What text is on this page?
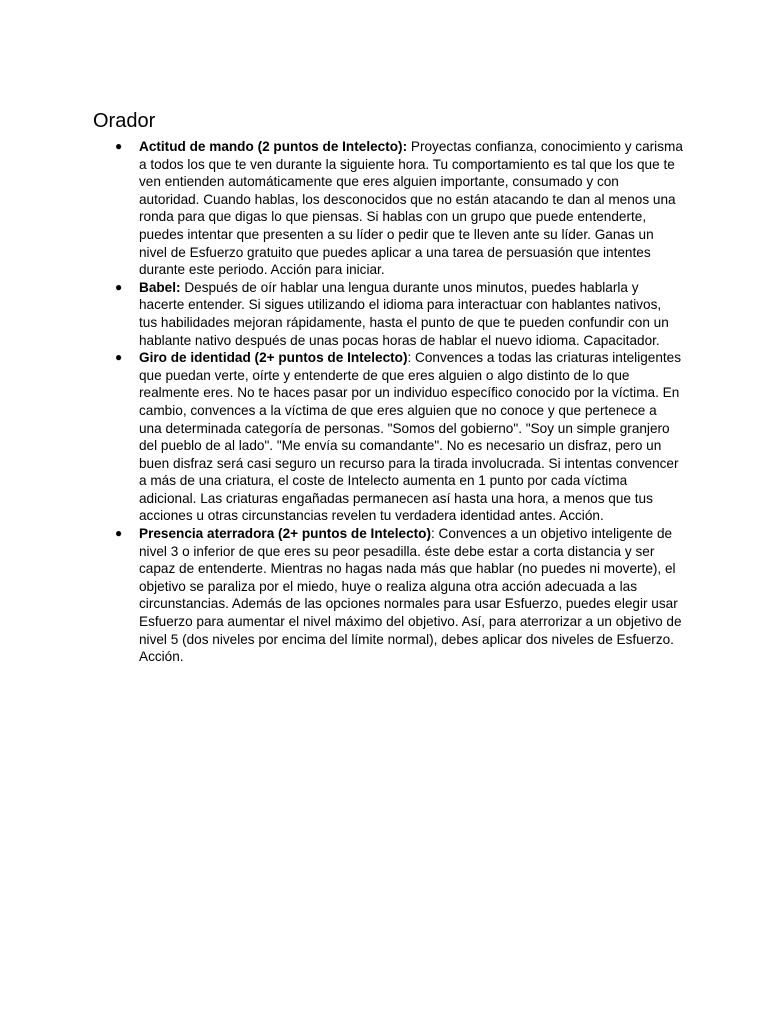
Orador
● Actitud de mando (2 puntos de Intelecto): Proyectas confianza, conocimiento y carisma a todos los que te ven durante la siguiente hora. Tu comportamiento es tal que los que te ven entienden automáticamente que eres alguien importante, consumado y con autoridad. Cuando hablas, los desconocidos que no están atacando te dan al menos una ronda para que digas lo que piensas. Si hablas con un grupo que puede entenderte, puedes intentar que presenten a su líder o pedir que te lleven ante su líder. Ganas un nivel de Esfuerzo gratuito que puedes aplicar a una tarea de persuasión que intentes durante este periodo. Acción para iniciar.
● Babel: Después de oír hablar una lengua durante unos minutos, puedes hablarla y hacerte entender. Si sigues utilizando el idioma para interactuar con hablantes nativos, tus habilidades mejoran rápidamente, hasta el punto de que te pueden confundir con un hablante nativo después de unas pocas horas de hablar el nuevo idioma. Capacitador.
● Giro de identidad (2+ puntos de Intelecto): Convences a todas las criaturas inteligentes que puedan verte, oírte y entenderte de que eres alguien o algo distinto de lo que realmente eres. No te haces pasar por un individuo específico conocido por la víctima. En cambio, convences a la víctima de que eres alguien que no conoce y que pertenece a una determinada categoría de personas. "Somos del gobierno". "Soy un simple granjero del pueblo de al lado". "Me envía su comandante". No es necesario un disfraz, pero un buen disfraz será casi seguro un recurso para la tirada involucrada. Si intentas convencer a más de una criatura, el coste de Intelecto aumenta en 1 punto por cada víctima adicional. Las criaturas engañadas permanecen así hasta una hora, a menos que tus acciones u otras circunstancias revelen tu verdadera identidad antes. Acción.
● Presencia aterradora (2+ puntos de Intelecto): Convences a un objetivo inteligente de nivel 3 o inferior de que eres su peor pesadilla. éste debe estar a corta distancia y ser capaz de entenderte. Mientras no hagas nada más que hablar (no puedes ni moverte), el objetivo se paraliza por el miedo, huye o realiza alguna otra acción adecuada a las circunstancias. Además de las opciones normales para usar Esfuerzo, puedes elegir usar Esfuerzo para aumentar el nivel máximo del objetivo. Así, para aterrorizar a un objetivo de nivel 5 (dos niveles por encima del límite normal), debes aplicar dos niveles de Esfuerzo. Acción.
